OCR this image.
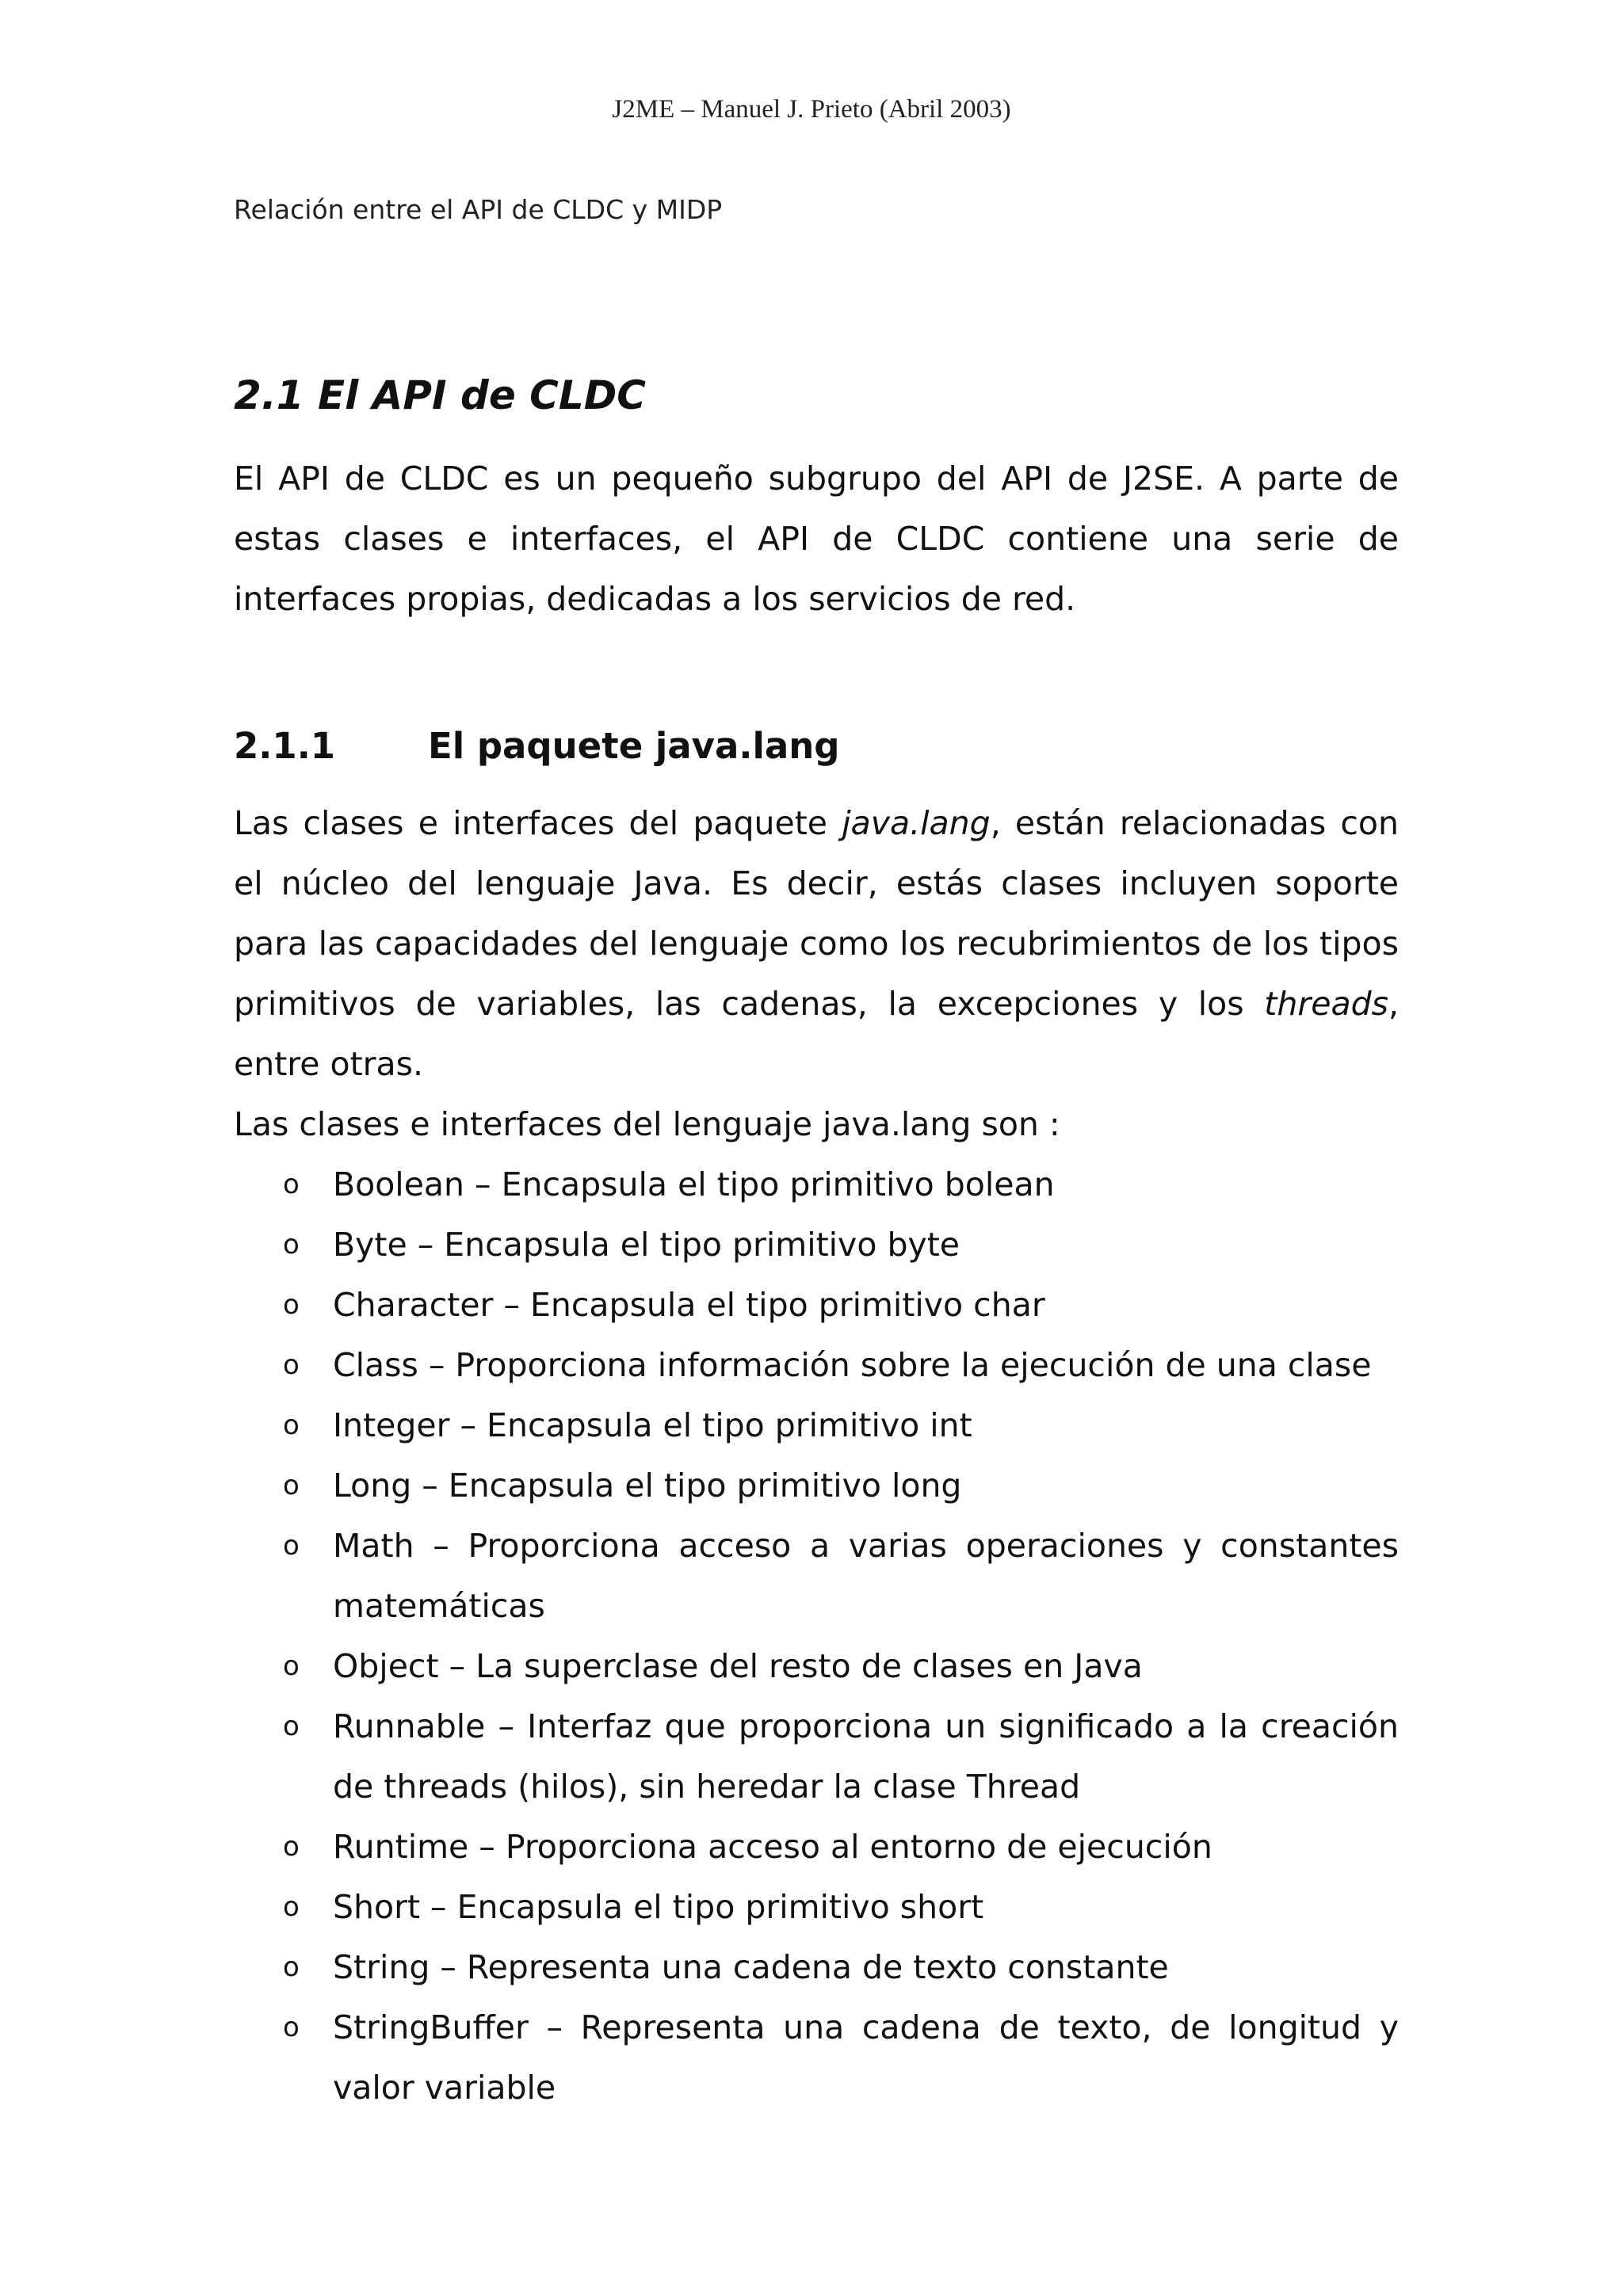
J2ME – Manuel J. Prieto (Abril 2003)
Relación entre el API de CLDC y MIDP
2.1 El API de CLDC
El API de CLDC es un pequeño subgrupo del API de J2SE. A parte de estas clases e interfaces, el API de CLDC contiene una serie de interfaces propias, dedicadas a los servicios de red.
2.1.1	El paquete java.lang
Las clases e interfaces del paquete java.lang, están relacionadas con el núcleo del lenguaje Java. Es decir, estás clases incluyen soporte para las capacidades del lenguaje como los recubrimientos de los tipos primitivos de variables, las cadenas, la excepciones y los threads, entre otras.
Las clases e interfaces del lenguaje java.lang son :
o Boolean – Encapsula el tipo primitivo bolean
o Byte – Encapsula el tipo primitivo byte
o Character – Encapsula el tipo primitivo char
o Class – Proporciona información sobre la ejecución de una clase
o Integer – Encapsula el tipo primitivo int
o Long – Encapsula el tipo primitivo long
o Math – Proporciona acceso a varias operaciones y constantes matemáticas
o Object – La superclase del resto de clases en Java
o Runnable – Interfaz que proporciona un significado a la creación de threads (hilos), sin heredar la clase Thread
o Runtime – Proporciona acceso al entorno de ejecución
o Short – Encapsula el tipo primitivo short
o String – Representa una cadena de texto constante
o StringBuffer – Representa una cadena de texto, de longitud y valor variable
